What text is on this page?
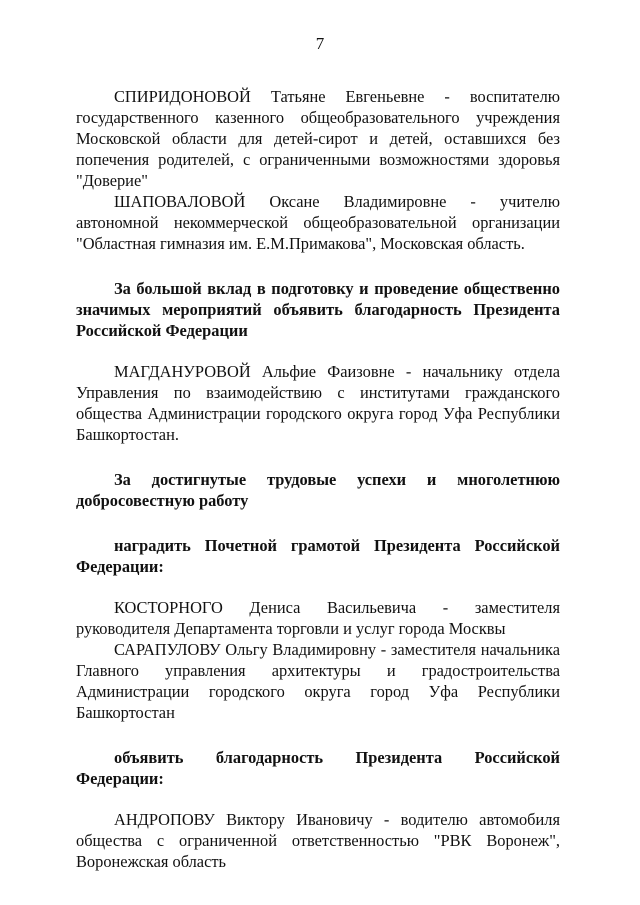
7

СПИРИДОНОВОЙ Татьяне Евгеньевне - воспитателю государственного казенного общеобразовательного учреждения Московской области для детей-сирот и детей, оставшихся без попечения родителей, с ограниченными возможностями здоровья "Доверие"

ШАПОВАЛОВОЙ Оксане Владимировне - учителю автономной некоммерческой общеобразовательной организации "Областная гимназия им. Е.М.Примакова", Московская область.

За большой вклад в подготовку и проведение общественно значимых мероприятий объявить благодарность Президента Российской Федерации

МАГДАНУРОВОЙ Альфие Фаизовне - начальнику отдела Управления по взаимодействию с институтами гражданского общества Администрации городского округа город Уфа Республики Башкортостан.

За достигнутые трудовые успехи и многолетнюю добросовестную работу

наградить Почетной грамотой Президента Российской Федерации:

КОСТОРНОГО Дениса Васильевича - заместителя руководителя Департамента торговли и услуг города Москвы

САРАПУЛОВУ Ольгу Владимировну - заместителя начальника Главного управления архитектуры и градостроительства Администрации городского округа город Уфа Республики Башкортостан

объявить благодарность Президента Российской Федерации:

АНДРОПОВУ Виктору Ивановичу - водителю автомобиля общества с ограниченной ответственностью "РВК Воронеж", Воронежская область
